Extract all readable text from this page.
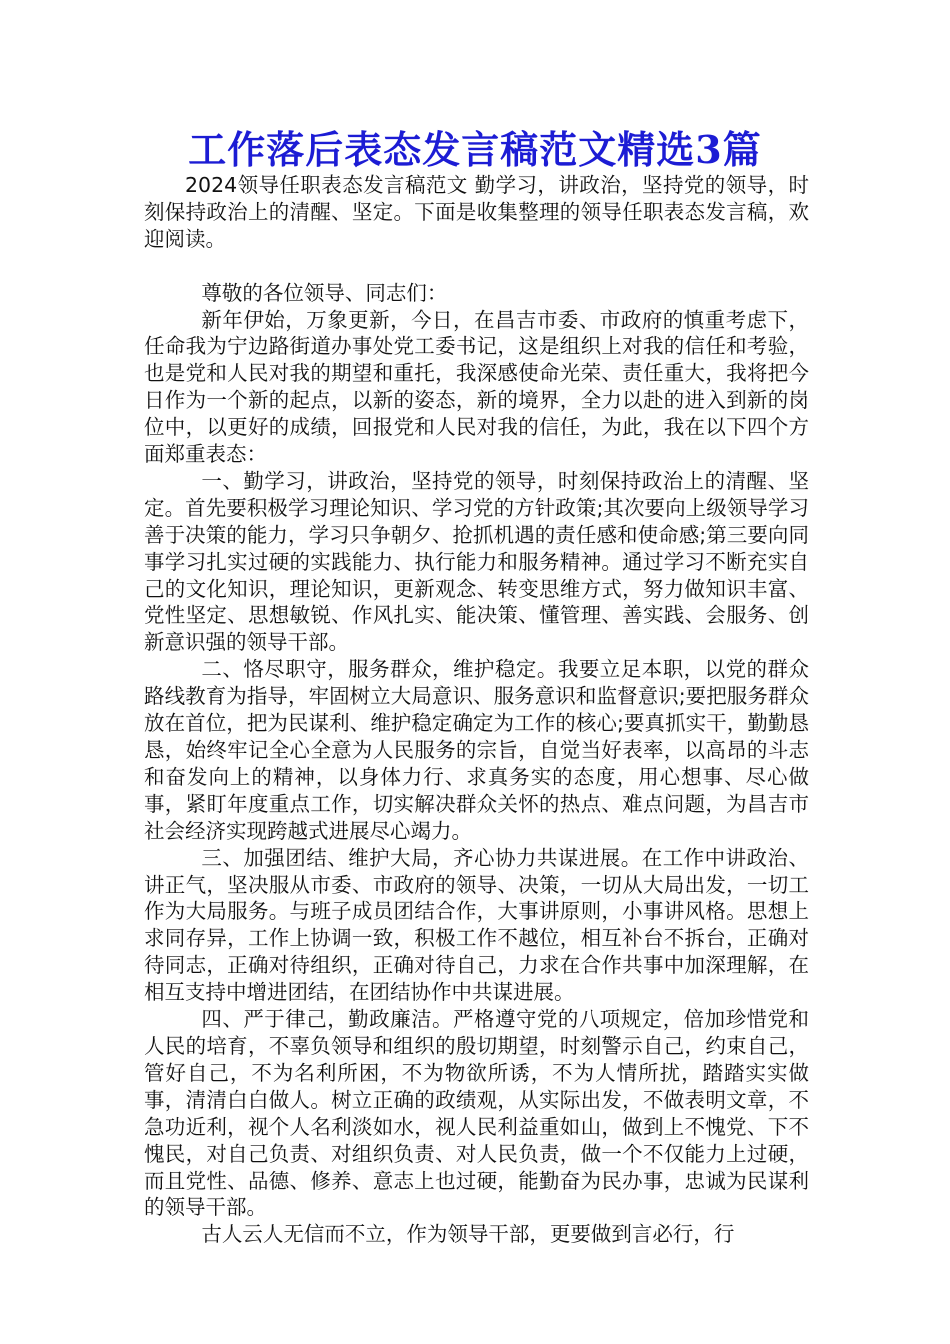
工作落后表态发言稿范文精选3篇

2024领导任职表态发言稿范文 勤学习，讲政治，坚持党的领导，时刻保持政治上的清醒、坚定。下面是收集整理的领导任职表态发言稿，欢迎阅读。

尊敬的各位领导、同志们：

新年伊始，万象更新，今日，在昌吉市委、市政府的慎重考虑下，任命我为宁边路街道办事处党工委书记，这是组织上对我的信任和考验，也是党和人民对我的期望和重托，我深感使命光荣、责任重大，我将把今日作为一个新的起点，以新的姿态，新的境界，全力以赴的进入到新的岗位中，以更好的成绩，回报党和人民对我的信任，为此，我在以下四个方面郑重表态：

一、勤学习，讲政治，坚持党的领导，时刻保持政治上的清醒、坚定。首先要积极学习理论知识、学习党的方针政策;其次要向上级领导学习善于决策的能力，学习只争朝夕、抢抓机遇的责任感和使命感;第三要向同事学习扎实过硬的实践能力、执行能力和服务精神。通过学习不断充实自己的文化知识，理论知识，更新观念、转变思维方式，努力做知识丰富、党性坚定、思想敏锐、作风扎实、能决策、懂管理、善实践、会服务、创新意识强的领导干部。

二、恪尽职守，服务群众，维护稳定。我要立足本职，以党的群众路线教育为指导，牢固树立大局意识、服务意识和监督意识;要把服务群众放在首位，把为民谋利、维护稳定确定为工作的核心;要真抓实干，勤勤恳恳，始终牢记全心全意为人民服务的宗旨，自觉当好表率，以高昂的斗志和奋发向上的精神，以身体力行、求真务实的态度，用心想事、尽心做事，紧盯年度重点工作，切实解决群众关怀的热点、难点问题，为昌吉市社会经济实现跨越式进展尽心竭力。

三、加强团结、维护大局，齐心协力共谋进展。在工作中讲政治、讲正气，坚决服从市委、市政府的领导、决策，一切从大局出发，一切工作为大局服务。与班子成员团结合作，大事讲原则，小事讲风格。思想上求同存异，工作上协调一致，积极工作不越位，相互补台不拆台，正确对待同志，正确对待组织，正确对待自己，力求在合作共事中加深理解，在相互支持中增进团结，在团结协作中共谋进展。

四、严于律己，勤政廉洁。严格遵守党的八项规定，倍加珍惜党和人民的培育，不辜负领导和组织的殷切期望，时刻警示自己，约束自己，管好自己，不为名利所困，不为物欲所诱，不为人情所扰，踏踏实实做事，清清白白做人。树立正确的政绩观，从实际出发，不做表明文章，不急功近利，视个人名利淡如水，视人民利益重如山，做到上不愧党、下不愧民，对自己负责、对组织负责、对人民负责，做一个不仅能力上过硬，而且党性、品德、修养、意志上也过硬，能勤奋为民办事，忠诚为民谋利的领导干部。

古人云人无信而不立，作为领导干部，更要做到言必行，行
